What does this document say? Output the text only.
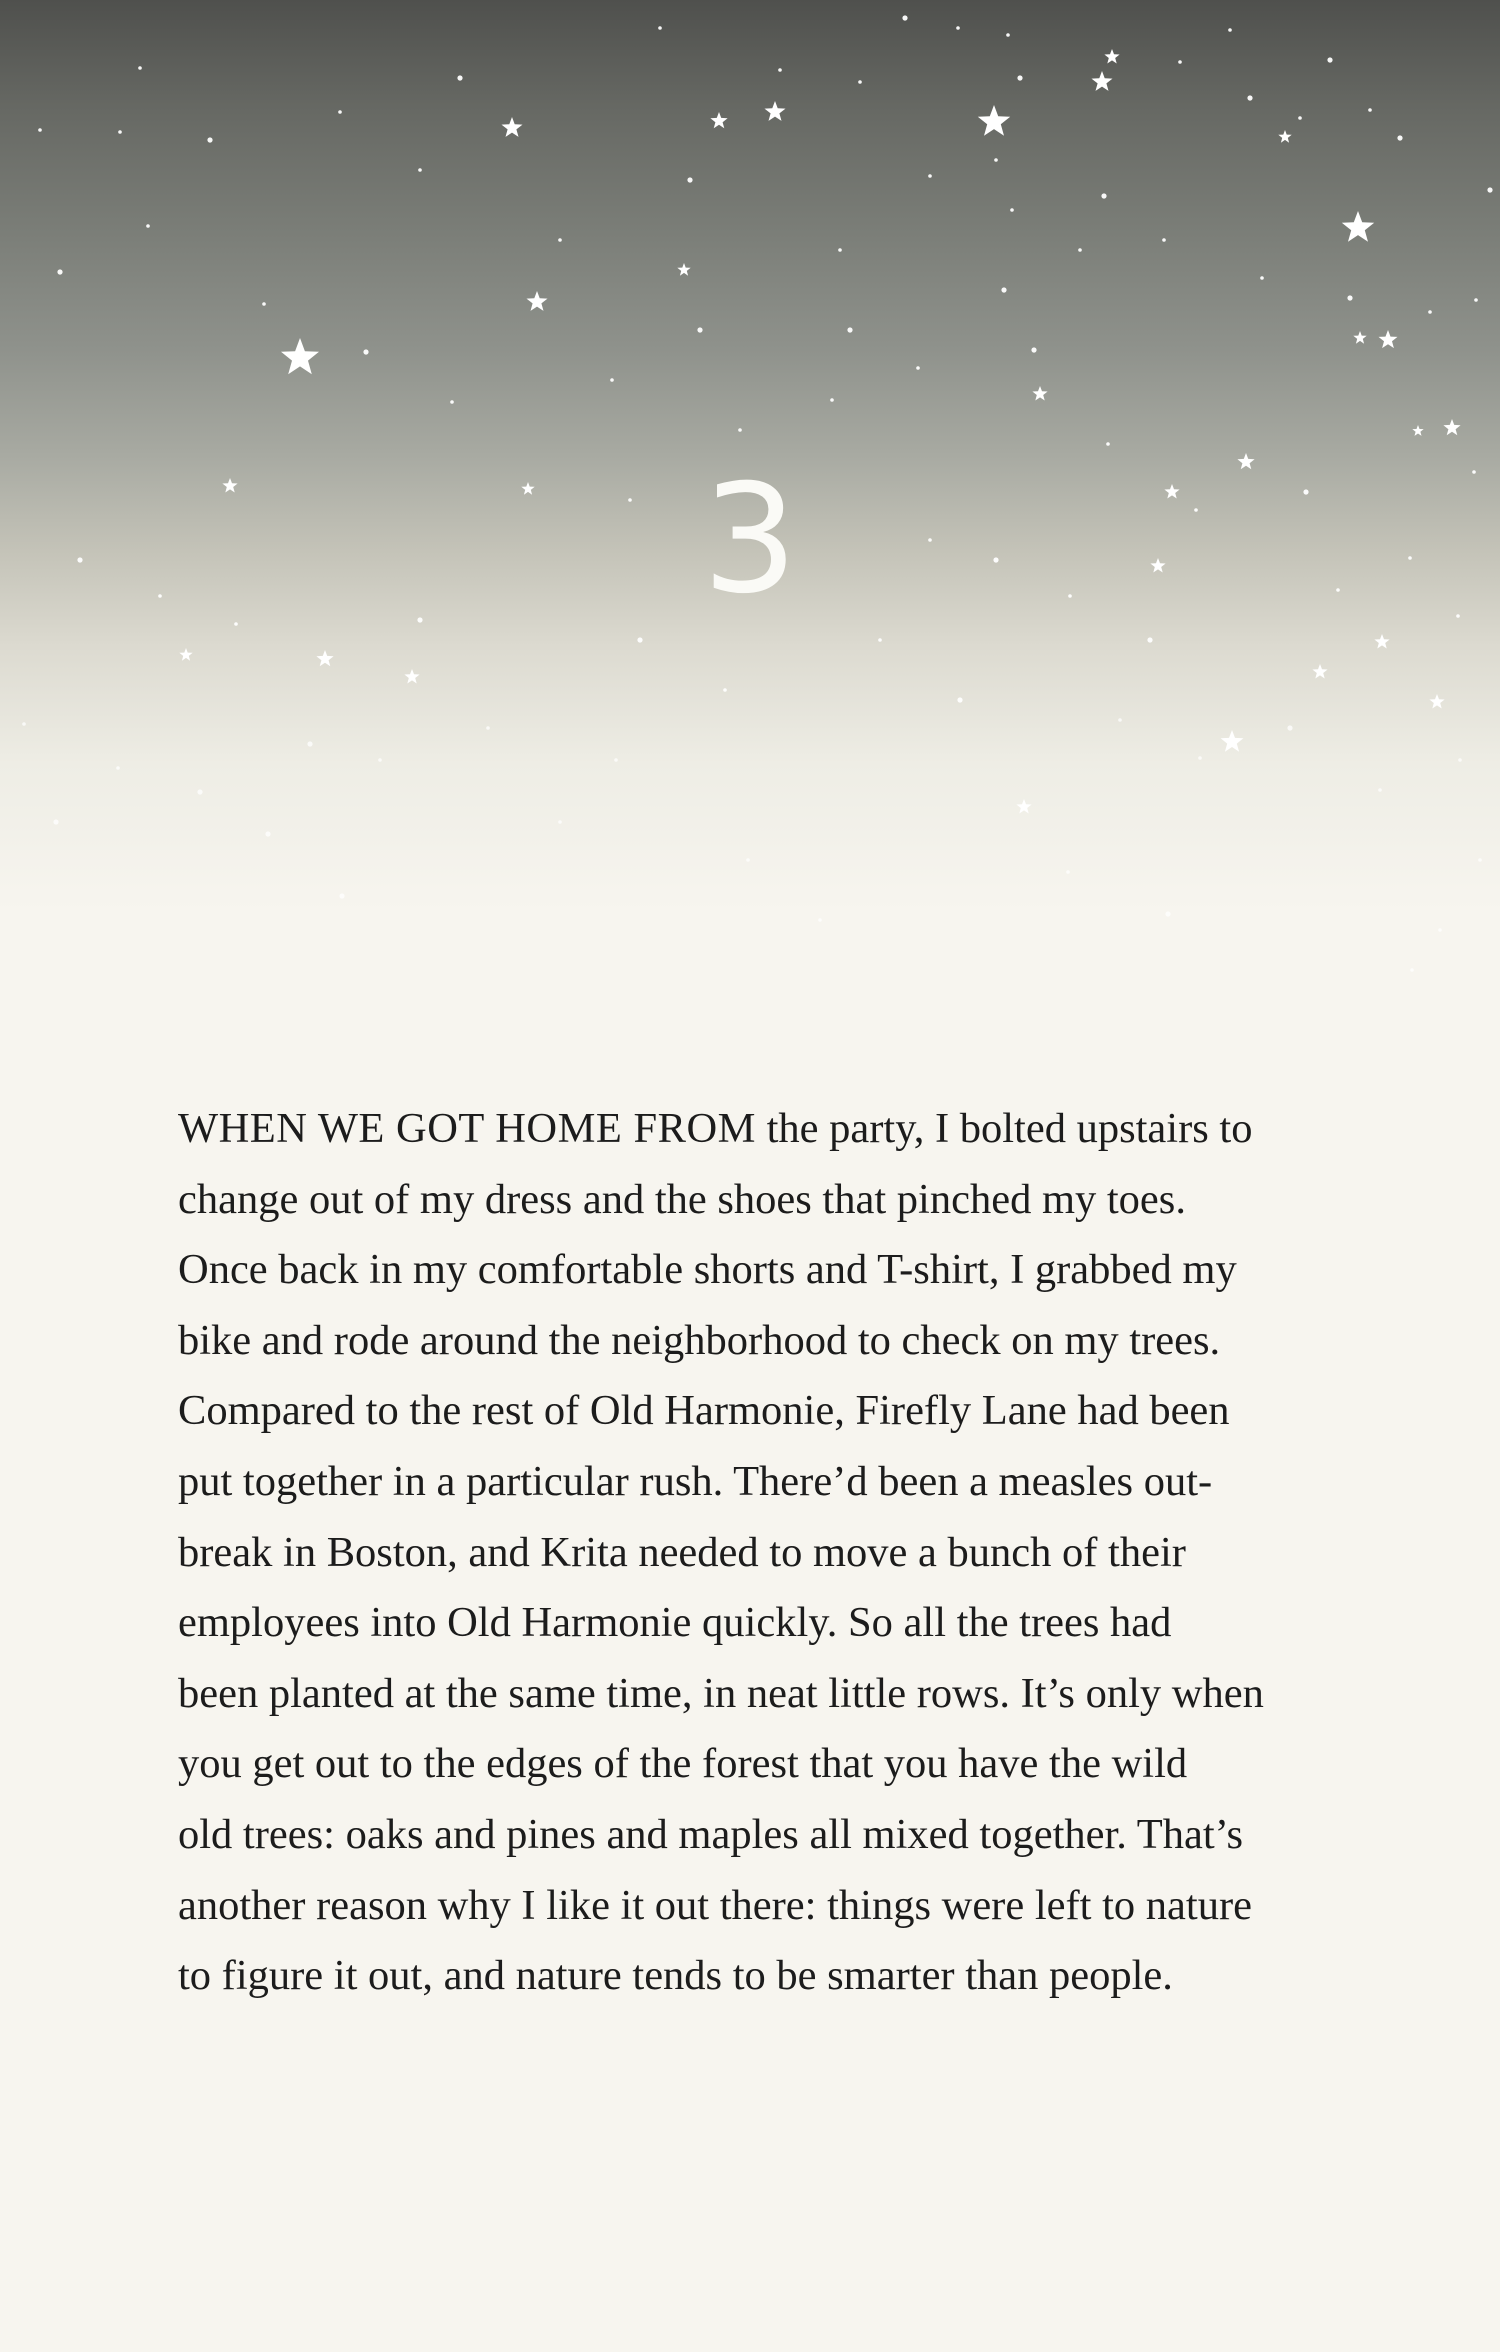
3
WHEN WE GOT HOME FROM the party, I bolted upstairs to
change out of my dress and the shoes that pinched my toes.
Once back in my comfortable shorts and T-shirt, I grabbed my
bike and rode around the neighborhood to check on my trees.
Compared to the rest of Old Harmonie, Firefly Lane had been
put together in a particular rush. There’d been a measles out-
break in Boston, and Krita needed to move a bunch of their
employees into Old Harmonie quickly. So all the trees had
been planted at the same time, in neat little rows. It’s only when
you get out to the edges of the forest that you have the wild
old trees: oaks and pines and maples all mixed together. That’s
another reason why I like it out there: things were left to nature
to figure it out, and nature tends to be smarter than people.
